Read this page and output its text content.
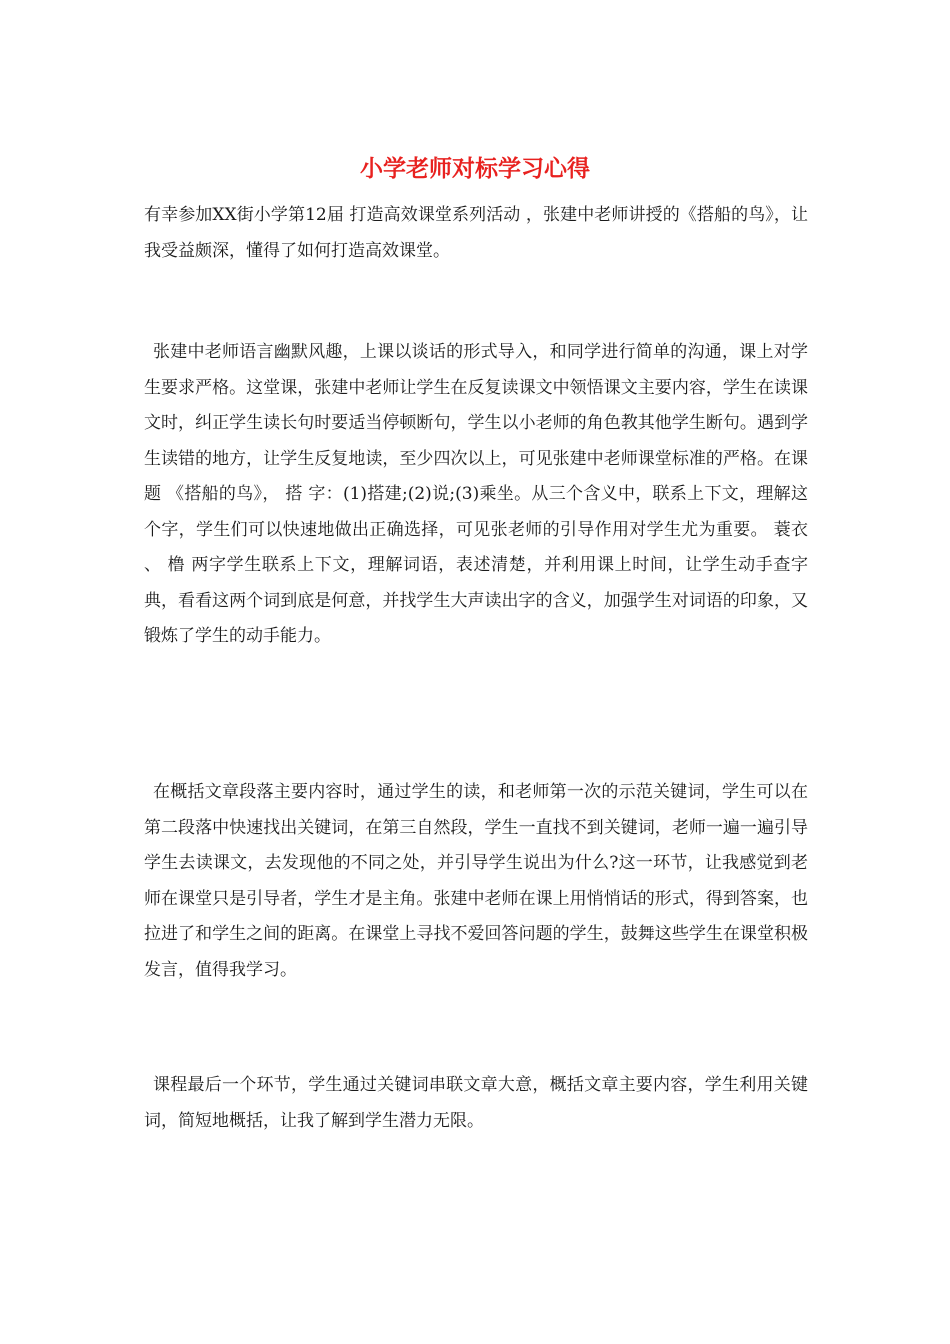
小学老师对标学习心得

有幸参加XX街小学第12届 打造高效课堂系列活动 ，张建中老师讲授的《搭船的鸟》，让我受益颇深，懂得了如何打造高效课堂。

张建中老师语言幽默风趣，上课以谈话的形式导入，和同学进行简单的沟通，课上对学生要求严格。这堂课，张建中老师让学生在反复读课文中领悟课文主要内容，学生在读课文时，纠正学生读长句时要适当停顿断句，学生以小老师的角色教其他学生断句。遇到学生读错的地方，让学生反复地读，至少四次以上，可见张建中老师课堂标准的严格。在课题 《搭船的鸟》， 搭 字：(1)搭建;(2)说;(3)乘坐。从三个含义中，联系上下文，理解这个字，学生们可以快速地做出正确选择，可见张老师的引导作用对学生尤为重要。 蓑衣 、 橹 两字学生联系上下文，理解词语，表述清楚，并利用课上时间，让学生动手查字典，看看这两个词到底是何意，并找学生大声读出字的含义，加强学生对词语的印象，又锻炼了学生的动手能力。

在概括文章段落主要内容时，通过学生的读，和老师第一次的示范关键词，学生可以在第二段落中快速找出关键词，在第三自然段，学生一直找不到关键词，老师一遍一遍引导学生去读课文，去发现他的不同之处，并引导学生说出为什么?这一环节，让我感觉到老师在课堂只是引导者，学生才是主角。张建中老师在课上用悄悄话的形式，得到答案，也拉进了和学生之间的距离。在课堂上寻找不爱回答问题的学生，鼓舞这些学生在课堂积极发言，值得我学习。

课程最后一个环节，学生通过关键词串联文章大意，概括文章主要内容，学生利用关键词，简短地概括，让我了解到学生潜力无限。
